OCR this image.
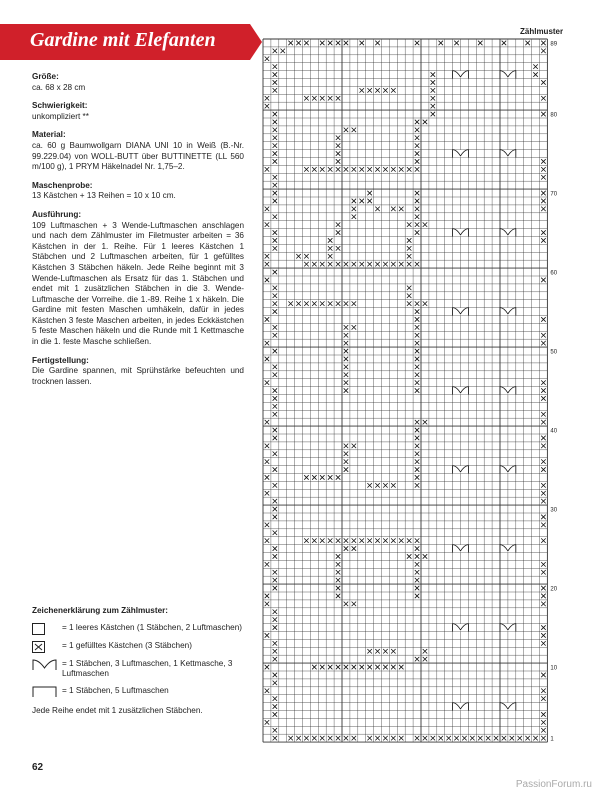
Gardine mit Elefanten
Größe:
ca. 68 x 28 cm
Schwierigkeit:
unkompliziert **
Material:
ca. 60 g Baumwollgarn DIANA UNI 10 in Weiß (B.-Nr. 99.229.04) von WOLL-BUTT über BUTTINETTE (LL 560 m/100 g), 1 PRYM Häkelnadel Nr. 1,75–2.
Maschenprobe:
13 Kästchen + 13 Reihen = 10 x 10 cm.
Ausführung:
109 Luftmaschen + 3 Wende-Luftmaschen anschlagen und nach dem Zählmuster im Filetmuster arbeiten = 36 Kästchen in der 1. Reihe. Für 1 leeres Kästchen 1 Stäbchen und 2 Luftmaschen arbeiten, für 1 gefülltes Kästchen 3 Stäbchen häkeln. Jede Reihe beginnt mit 3 Wende-Luftmaschen als Ersatz für das 1. Stäbchen und endet mit 1 zusätzlichen Stäbchen in die 3. Wende-Luftmasche der Vorreihe. die 1.-89. Reihe 1 x häkeln. Die Gardine mit festen Maschen umhäkeln, dafür in jedes Kästchen 3 feste Maschen arbeiten, in jedes Eckkästchen 5 feste Maschen häkeln und die Runde mit 1 Kettmasche in die 1. feste Masche schließen.
Fertigstellung:
Die Gardine spannen, mit Sprühstärke befeuchten und trocknen lassen.
Zeichenerklärung zum Zählmuster:
= 1 leeres Kästchen (1 Stäbchen, 2 Luftmaschen)
= 1 gefülltes Kästchen (3 Stäbchen)
= 1 Stäbchen, 3 Luftmaschen, 1 Kettmasche, 3 Luftmaschen
= 1 Stäbchen, 5 Luftmaschen
Jede Reihe endet mit 1 zusätzlichen Stäbchen.
62
PassionForum.ru
Zählmuster
89
80
70
60
50
40
30
20
10
1
